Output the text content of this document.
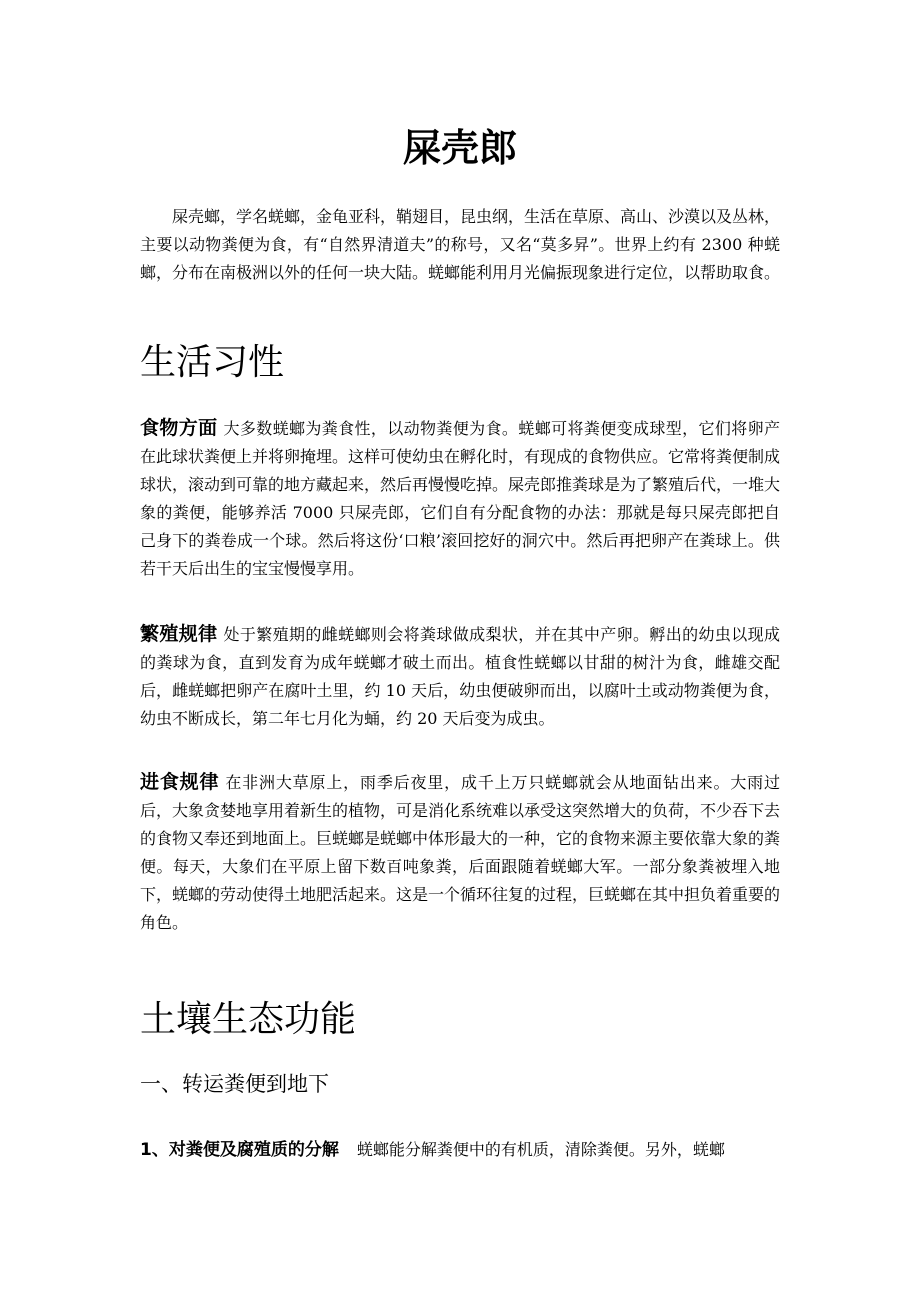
屎壳郎

屎壳螂，学名蜣螂，金龟亚科，鞘翅目，昆虫纲，生活在草原、高山、沙漠以及丛林，主要以动物粪便为食，有“自然界清道夫”的称号，又名“莫多昇”。世界上约有 2300 种蜣螂，分布在南极洲以外的任何一块大陆。蜣螂能利用月光偏振现象进行定位，以帮助取食。

生活习性

食物方面 大多数蜣螂为粪食性，以动物粪便为食。蜣螂可将粪便变成球型，它们将卵产在此球状粪便上并将卵掩埋。这样可使幼虫在孵化时，有现成的食物供应。它常将粪便制成球状，滚动到可靠的地方藏起来，然后再慢慢吃掉。屎壳郎推粪球是为了繁殖后代，一堆大象的粪便，能够养活 7000 只屎壳郎，它们自有分配食物的办法：那就是每只屎壳郎把自己身下的粪卷成一个球。然后将这份‘口粮’滚回挖好的洞穴中。然后再把卵产在粪球上。供若干天后出生的宝宝慢慢享用。

繁殖规律 处于繁殖期的雌蜣螂则会将粪球做成梨状，并在其中产卵。孵出的幼虫以现成的粪球为食，直到发育为成年蜣螂才破土而出。植食性蜣螂以甘甜的树汁为食，雌雄交配后，雌蜣螂把卵产在腐叶土里，约 10 天后，幼虫便破卵而出，以腐叶土或动物粪便为食，幼虫不断成长，第二年七月化为蛹，约 20 天后变为成虫。

进食规律 在非洲大草原上，雨季后夜里，成千上万只蜣螂就会从地面钻出来。大雨过后，大象贪婪地享用着新生的植物，可是消化系统难以承受这突然增大的负荷，不少吞下去的食物又奉还到地面上。巨蜣螂是蜣螂中体形最大的一种，它的食物来源主要依靠大象的粪便。每天，大象们在平原上留下数百吨象粪，后面跟随着蜣螂大军。一部分象粪被埋入地下，蜣螂的劳动使得土地肥活起来。这是一个循环往复的过程，巨蜣螂在其中担负着重要的角色。

土壤生态功能
一、转运粪便到地下

1、对粪便及腐殖质的分解 蜣螂能分解粪便中的有机质，清除粪便。另外，蜣螂
